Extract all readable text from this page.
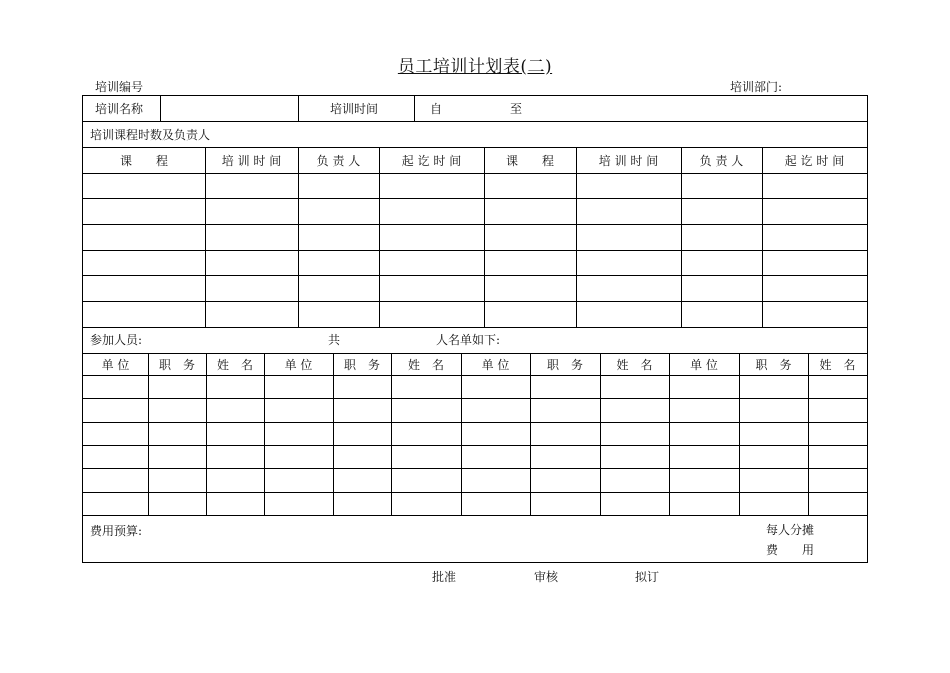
员工培训计划表(二)
培训编号	培训部门:
培训名称	培训时间	自	至
培训课程时数及负责人
课　　程	培 训 时 间	负 责 人	起 讫 时 间	课　　程	培 训 时 间	负 责 人	起 讫 时 间
参加人员:	共	人名单如下:
单 位	职　务	姓　名	单 位	职　务	姓　名	单 位	职　务	姓　名	单 位	职　务	姓　名
费用预算:	每人分摊
费　　用
批准	审核	拟订
